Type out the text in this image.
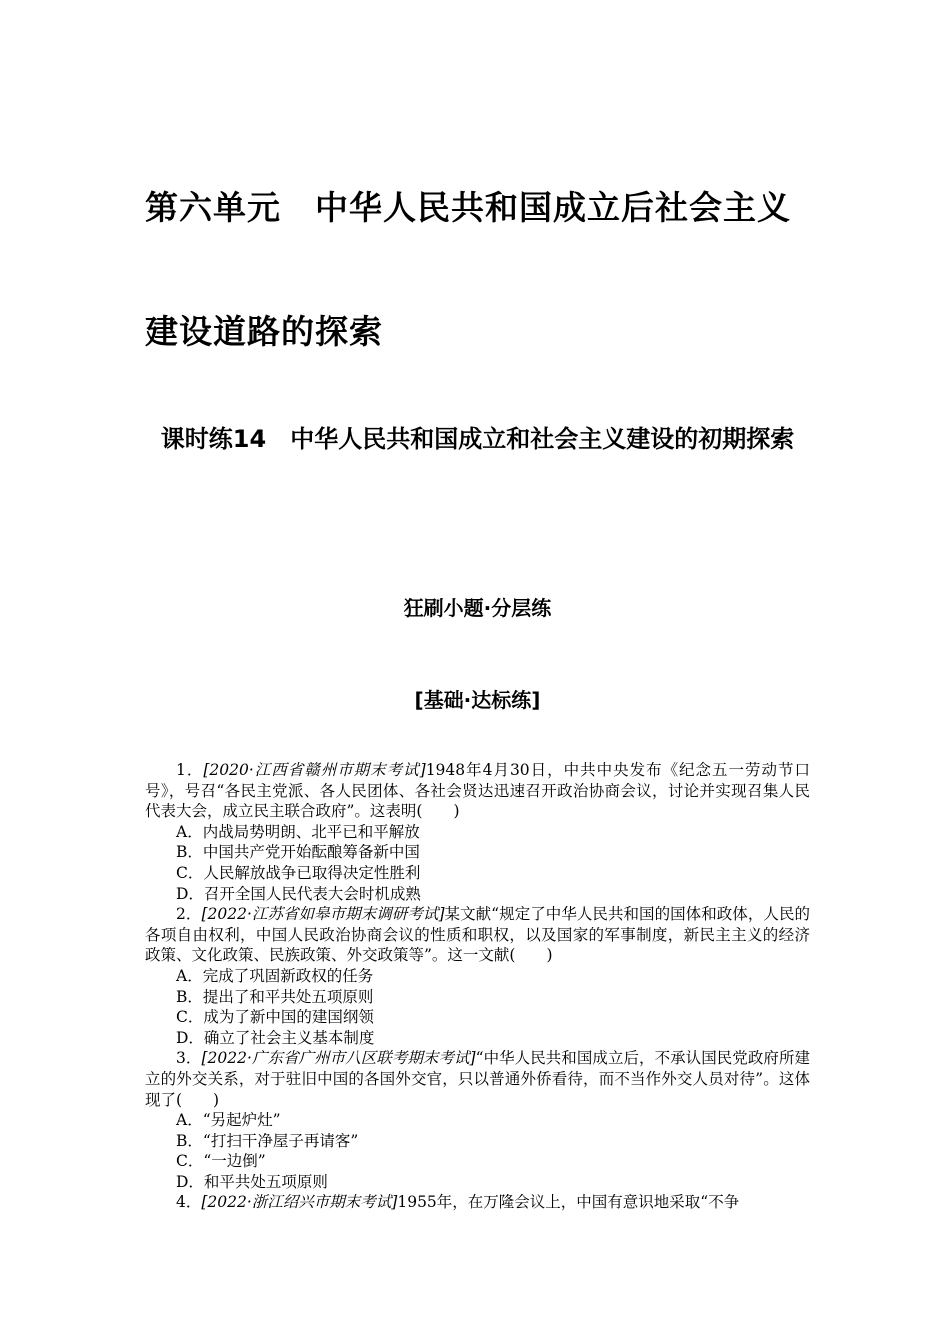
第六单元　中华人民共和国成立后社会主义建设道路的探索
课时练14　中华人民共和国成立和社会主义建设的初期探索
狂刷小题·分层练
[基础·达标练]

1．[2020·江西省赣州市期末考试]1948年4月30日，中共中央发布《纪念五一劳动节口号》，号召“各民主党派、各人民团体、各社会贤达迅速召开政治协商会议，讨论并实现召集人民代表大会，成立民主联合政府”。这表明(　　)

A．内战局势明朗、北平已和平解放

B．中国共产党开始酝酿筹备新中国

C．人民解放战争已取得决定性胜利

D．召开全国人民代表大会时机成熟

2．[2022·江苏省如皋市期末调研考试]某文献“规定了中华人民共和国的国体和政体，人民的各项自由权利，中国人民政治协商会议的性质和职权，以及国家的军事制度，新民主主义的经济政策、文化政策、民族政策、外交政策等”。这一文献(　　)

A．完成了巩固新政权的任务

B．提出了和平共处五项原则

C．成为了新中国的建国纲领

D．确立了社会主义基本制度

3．[2022·广东省广州市八区联考期末考试]“中华人民共和国成立后，不承认国民党政府所建立的外交关系，对于驻旧中国的各国外交官，只以普通外侨看待，而不当作外交人员对待”。这体现了(　　)

A．“另起炉灶”

B．“打扫干净屋子再请客”

C．“一边倒”

D．和平共处五项原则

4．[2022·浙江绍兴市期末考试]1955年，在万隆会议上，中国有意识地采取“不争
